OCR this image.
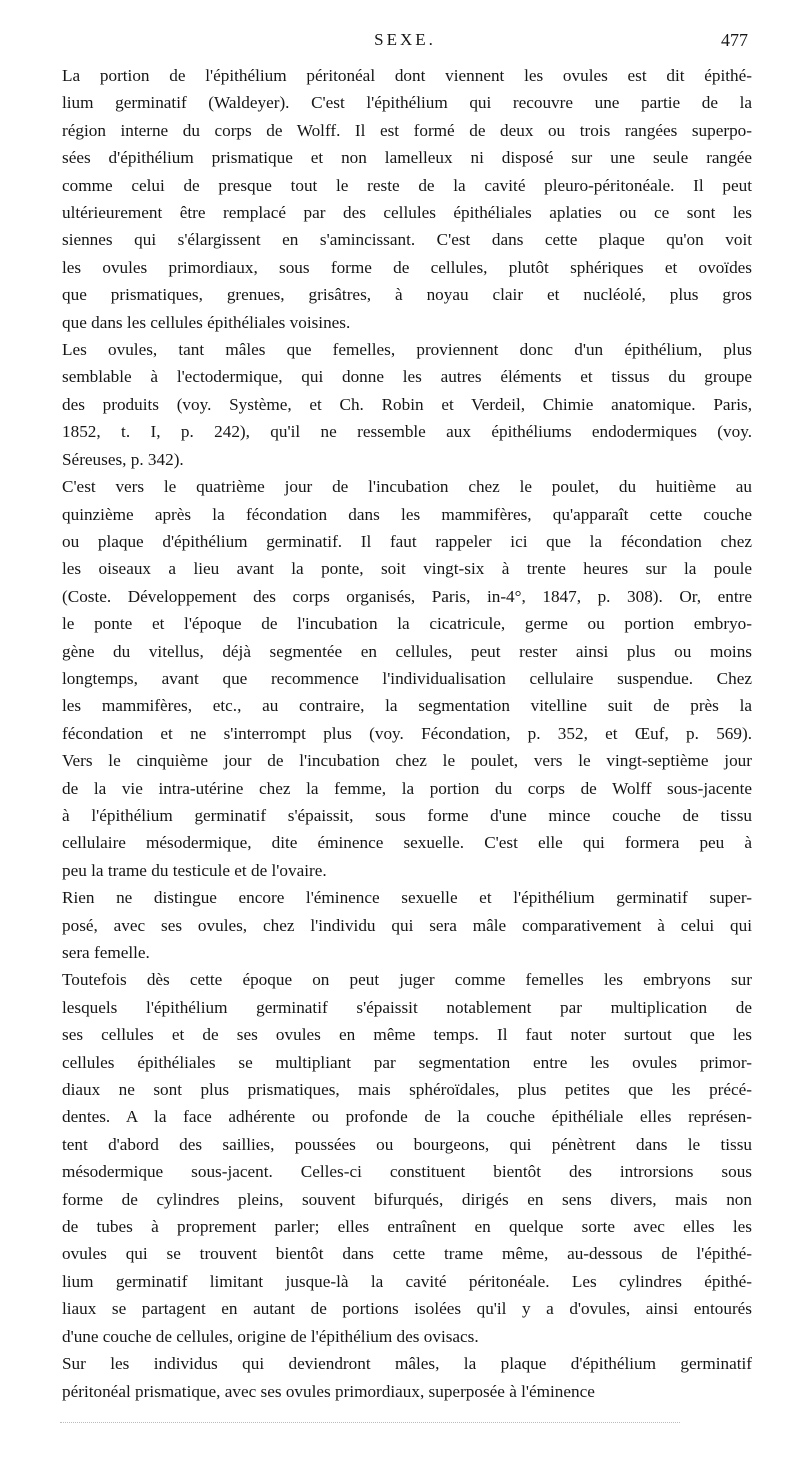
SEXE.	477

La portion de l'épithélium péritonéal dont viennent les ovules est dit épithé-
lium germinatif (Waldeyer). C'est l'épithélium qui recouvre une partie de la
région interne du corps de Wolff. Il est formé de deux ou trois rangées superpo-
sées d'épithélium prismatique et non lamelleux ni disposé sur une seule rangée
comme celui de presque tout le reste de la cavité pleuro-péritonéale. Il peut
ultérieurement être remplacé par des cellules épithéliales aplaties ou ce sont les
siennes qui s'élargissent en s'amincissant. C'est dans cette plaque qu'on voit
les ovules primordiaux, sous forme de cellules, plutôt sphériques et ovoïdes
que prismatiques, grenues, grisâtres, à noyau clair et nucléolé, plus gros
que dans les cellules épithéliales voisines.

Les ovules, tant mâles que femelles, proviennent donc d'un épithélium, plus
semblable à l'ectodermique, qui donne les autres éléments et tissus du groupe
des produits (voy. Système, et Ch. Robin et Verdeil, Chimie anatomique. Paris,
1852, t. I, p. 242), qu'il ne ressemble aux épithéliums endodermiques (voy.
Séreuses, p. 342).

C'est vers le quatrième jour de l'incubation chez le poulet, du huitième au
quinzième après la fécondation dans les mammifères, qu'apparaît cette couche
ou plaque d'épithélium germinatif. Il faut rappeler ici que la fécondation chez
les oiseaux a lieu avant la ponte, soit vingt-six à trente heures sur la poule
(Coste. Développement des corps organisés, Paris, in-4°, 1847, p. 308). Or, entre
le ponte et l'époque de l'incubation la cicatricule, germe ou portion embryo-
gène du vitellus, déjà segmentée en cellules, peut rester ainsi plus ou moins
longtemps, avant que recommence l'individualisation cellulaire suspendue. Chez
les mammifères, etc., au contraire, la segmentation vitelline suit de près la
fécondation et ne s'interrompt plus (voy. Fécondation, p. 352, et Œuf, p. 569).
Vers le cinquième jour de l'incubation chez le poulet, vers le vingt-septième jour
de la vie intra-utérine chez la femme, la portion du corps de Wolff sous-jacente
à l'épithélium germinatif s'épaissit, sous forme d'une mince couche de tissu
cellulaire mésodermique, dite éminence sexuelle. C'est elle qui formera peu à
peu la trame du testicule et de l'ovaire.

Rien ne distingue encore l'éminence sexuelle et l'épithélium germinatif super-
posé, avec ses ovules, chez l'individu qui sera mâle comparativement à celui qui
sera femelle.

Toutefois dès cette époque on peut juger comme femelles les embryons sur
lesquels l'épithélium germinatif s'épaissit notablement par multiplication de
ses cellules et de ses ovules en même temps. Il faut noter surtout que les
cellules épithéliales se multipliant par segmentation entre les ovules primor-
diaux ne sont plus prismatiques, mais sphéroïdales, plus petites que les précé-
dentes. A la face adhérente ou profonde de la couche épithéliale elles représen-
tent d'abord des saillies, poussées ou bourgeons, qui pénètrent dans le tissu
mésodermique sous-jacent. Celles-ci constituent bientôt des introrsions sous
forme de cylindres pleins, souvent bifurqués, dirigés en sens divers, mais non
de tubes à proprement parler; elles entraînent en quelque sorte avec elles les
ovules qui se trouvent bientôt dans cette trame même, au-dessous de l'épithé-
lium germinatif limitant jusque-là la cavité péritonéale. Les cylindres épithé-
liaux se partagent en autant de portions isolées qu'il y a d'ovules, ainsi entourés
d'une couche de cellules, origine de l'épithélium des ovisacs.

Sur les individus qui deviendront mâles, la plaque d'épithélium germinatif
péritonéal prismatique, avec ses ovules primordiaux, superposée à l'éminence
